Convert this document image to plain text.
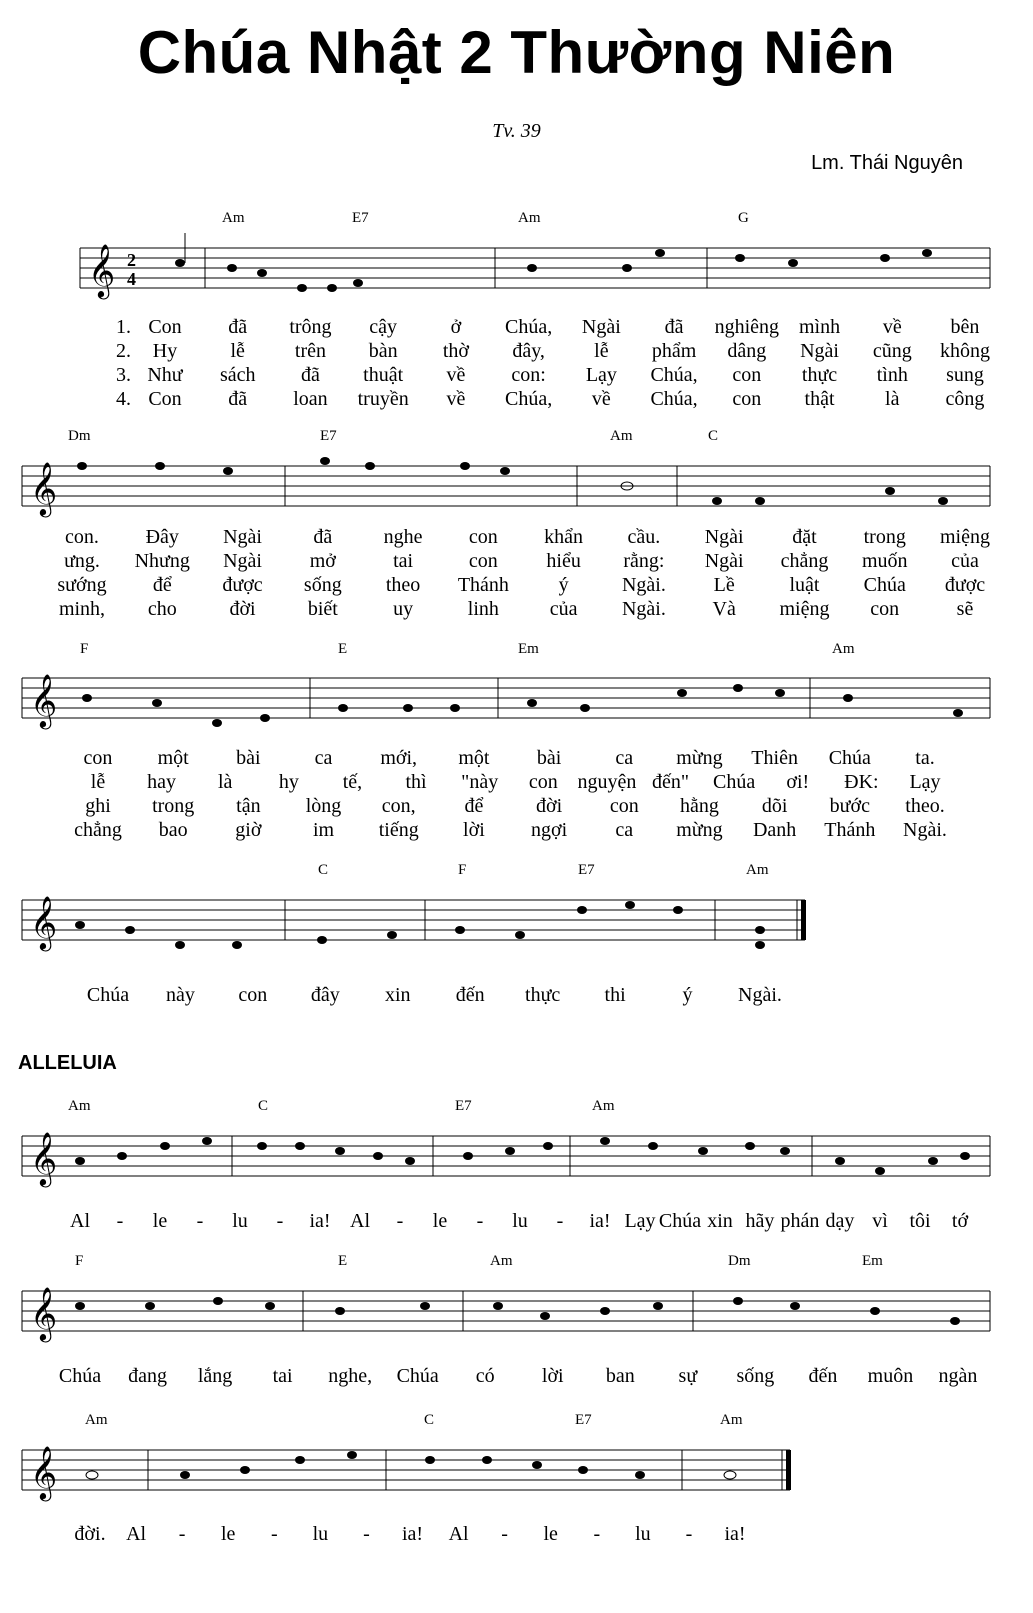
Chúa Nhật 2 Thường Niên
Tv. 39
Lm. Thái Nguyên
ALLELUIA
Am	E7	Am	G
𝄞 2
4
1.
2.
3.
4.
Dm	E7	Am	C
𝄞
F	E	Em	Am
𝄞
C	F	E7	Am
𝄞
Am	C	E7	Am
𝄞
F	E	Am	Dm	Em
𝄞
Am	C	E7	Am
𝄞
Con đã trông cậy	ở Chúa, Ngài đã nghiêng mình về bên
Hy	lễ trên bàn thờ đây, lễ phẩm dâng Ngài cũng không
Như sách đã thuật về con: Lạy Chúa, con thực tình sung
Con đã loan truyền về Chúa, về Chúa, con thật	là công
con. Đây Ngài	đã	nghe con khẩn cầu. Ngài đặt trong miệng
ưng. Nhưng Ngài mở	tai	con hiểu rằng: Ngài chẳng muốn của
sướng để	được sống theo Thánh ý	Ngài. Lề	luật Chúa được
minh, cho	đời	biết	uy	linh	của Ngài. Và miệng con	sẽ
con một bài	ca mới, một bài	ca mừng Thiên Chúa ta.
lễ hay là hy tế, thì "này con nguyện đến" Chúa ơi! ĐK: Lạy
ghi trong tận lòng con, để	đời con hằng dõi bước theo.
chẳng bao giờ	im tiếng lời ngợi ca mừng Danh Thánh Ngài.
Chúa này con đây xin đến thực thi	ý Ngài.
Al - le - lu - ia! Al - le - lu - ia! Lạy Chúa xin hãy phán dạy vì tôi tớ
Chúa đang lắng tai nghe, Chúa có lời ban sự sống đến muôn ngàn
đời. Al - le - lu - ia! Al - le - lu - ia!
